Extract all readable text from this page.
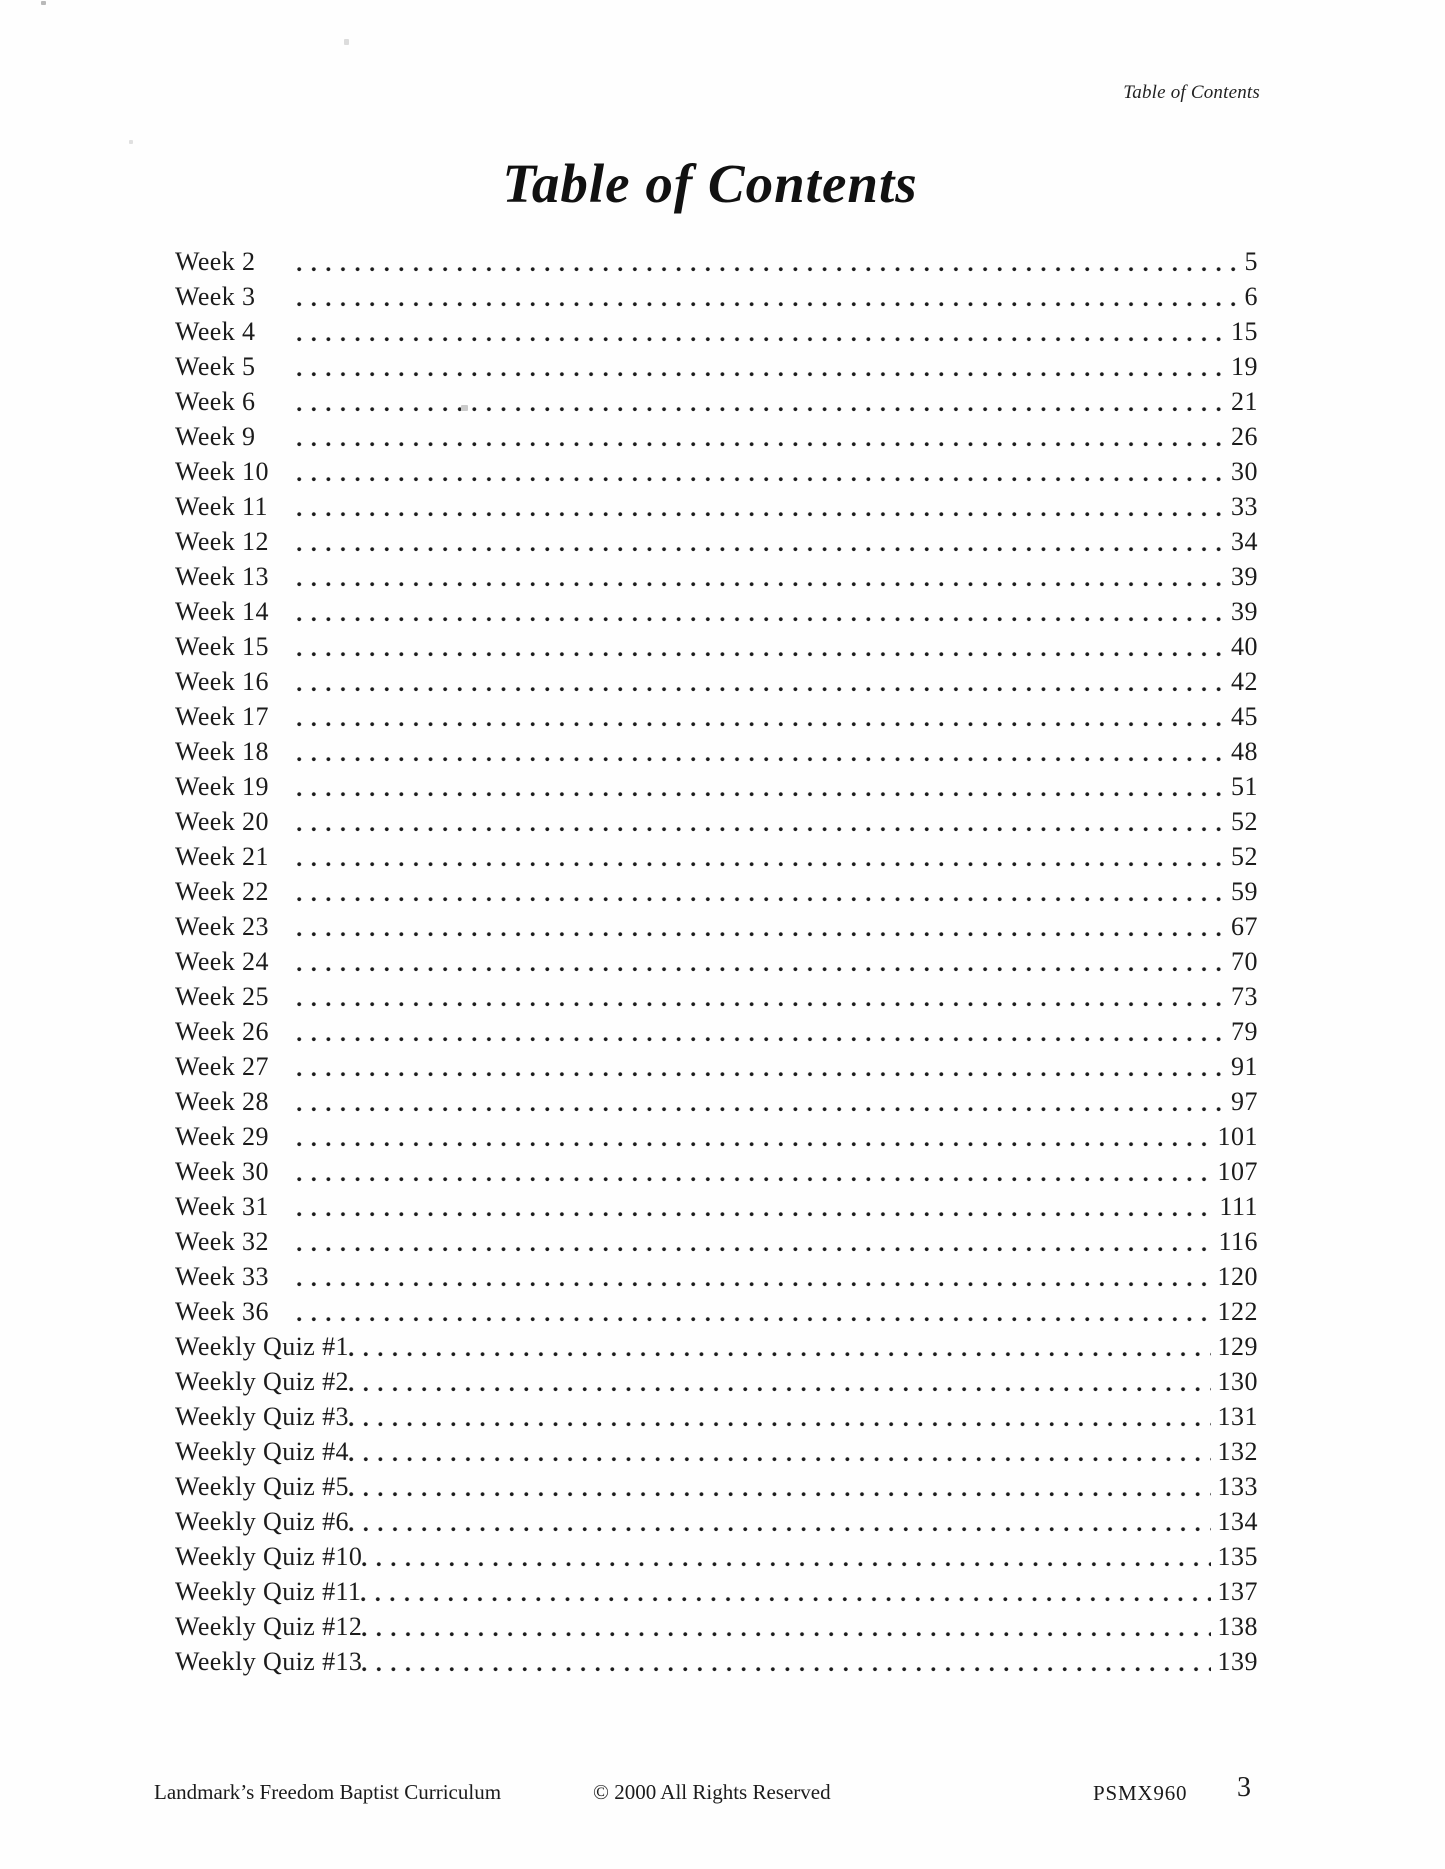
Table of Contents
Table of Contents
Week 2	5
Week 3	6
Week 4	15
Week 5	19
Week 6	21
Week 9	26
Week 10	30
Week 11	33
Week 12	34
Week 13	39
Week 14	39
Week 15	40
Week 16	42
Week 17	45
Week 18	48
Week 19	51
Week 20	52
Week 21	52
Week 22	59
Week 23	67
Week 24	70
Week 25	73
Week 26	79
Week 27	91
Week 28	97
Week 29	101
Week 30	107
Week 31	111
Week 32	116
Week 33	120
Week 36	122
Weekly Quiz #1	129
Weekly Quiz #2	130
Weekly Quiz #3	131
Weekly Quiz #4	132
Weekly Quiz #5	133
Weekly Quiz #6	134
Weekly Quiz #10	135
Weekly Quiz #11	137
Weekly Quiz #12	138
Weekly Quiz #13	139
Landmark’s Freedom Baptist Curriculum	© 2000 All Rights Reserved	PSMX960 3
